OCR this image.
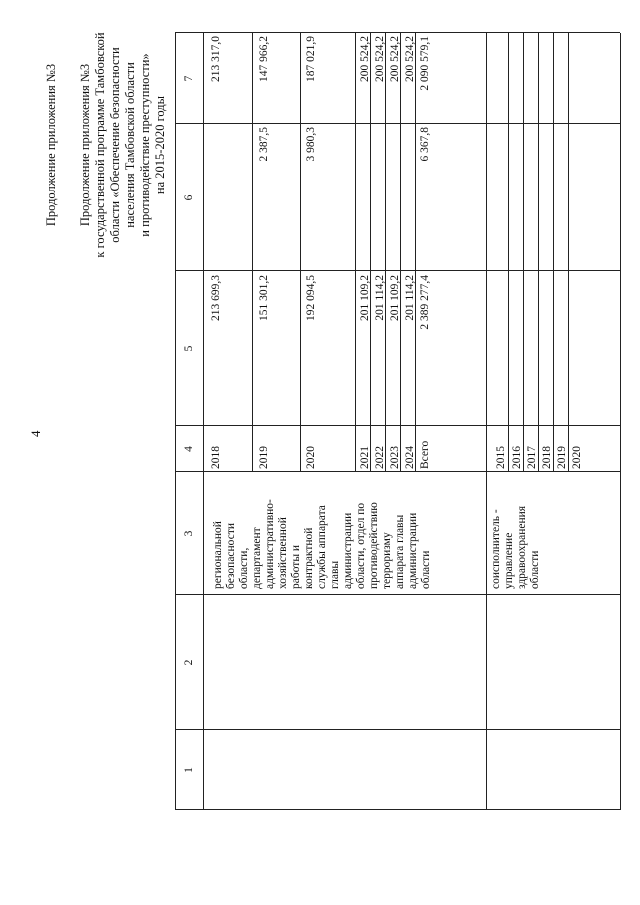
4
Продолжение приложения №3 Продолжение приложения №3 к государственной программе Тамбовской области «Обеспечение безопасности населения Тамбовской области и противодействие преступности» на 2015-2020 годы
1
2
3
4
5
6
7
региональной
безопасности
области,
департамент
административно-
хозяйственной
работы и
контрактной
службы аппарата
главы
администрации
области, отдел по
противодействию
терроризму
аппарата главы
администрации
области	соисполнитель -
управление
здравоохранения
области
2018
213 699,3
213 317,0
2019
151 301,2
2 387,5
147 966,2
2020
192 094,5
3 980,3
187 021,9
2021
201 109,2
200 524,2
2022
201 114,2
200 524,2
2023
201 109,2
200 524,2
2024
201 114,2
200 524,2
Всего
2 389 277,4
6 367,8
2 090 579,1
2015 2016 2017 2018 2019 2020
